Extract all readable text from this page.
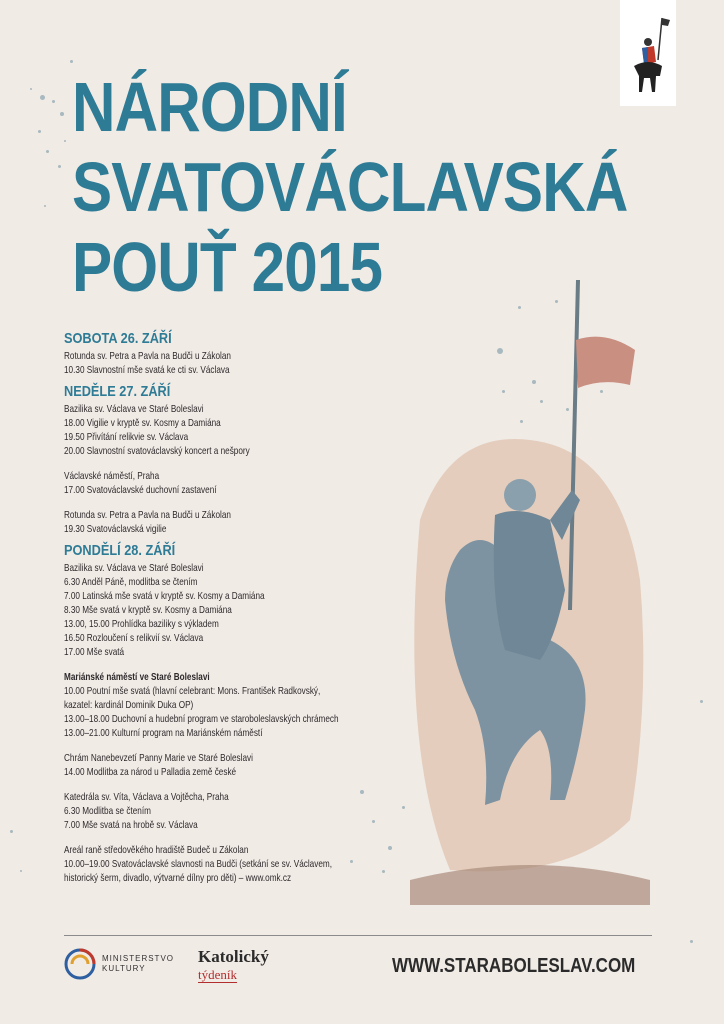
NÁRODNÍ
SVATOVÁCLAVSKÁ
POUŤ 2015

SOBOTA 26. ZÁŘÍ

Rotunda sv. Petra a Pavla na Budči u Zákolan

10.30 Slavnostní mše svatá ke cti sv. Václava

NEDĚLE 27. ZÁŘÍ

Bazilika sv. Václava ve Staré Boleslavi

18.00 Vigilie v kryptě sv. Kosmy a Damiána

19.50 Přivítání relikvie sv. Václava

20.00 Slavnostní svatováclavský koncert a nešpory

Václavské náměstí, Praha

17.00 Svatováclavské duchovní zastavení

Rotunda sv. Petra a Pavla na Budči u Zákolan

19.30 Svatováclavská vigilie

PONDĚLÍ 28. ZÁŘÍ

Bazilika sv. Václava ve Staré Boleslavi

6.30 Anděl Páně, modlitba se čtením

7.00 Latinská mše svatá v kryptě sv. Kosmy a Damiána

8.30 Mše svatá v kryptě sv. Kosmy a Damiána

13.00, 15.00 Prohlídka baziliky s výkladem

16.50 Rozloučení s relikvií sv. Václava

17.00 Mše svatá

Mariánské náměstí ve Staré Boleslavi

10.00 Poutní mše svatá (hlavní celebrant: Mons. František Radkovský,

kazatel: kardinál Dominik Duka OP)

13.00–18.00 Duchovní a hudební program ve staroboleslavských chrámech

13.00–21.00 Kulturní program na Mariánském náměstí

Chrám Nanebevzetí Panny Marie ve Staré Boleslavi

14.00 Modlitba za národ u Palladia země české

Katedrála sv. Víta, Václava a Vojtěcha, Praha

6.30 Modlitba se čtením

7.00 Mše svatá na hrobě sv. Václava

Areál raně středověkého hradiště Budeč u Zákolan

10.00–19.00 Svatováclavské slavnosti na Budči (setkání se sv. Václavem,

historický šerm, divadlo, výtvarné dílny pro děti) – www.omk.cz

MINISTERSTVO
KULTURY
Katolický
týdeník	WWW.STARABOLESLAV.COM
